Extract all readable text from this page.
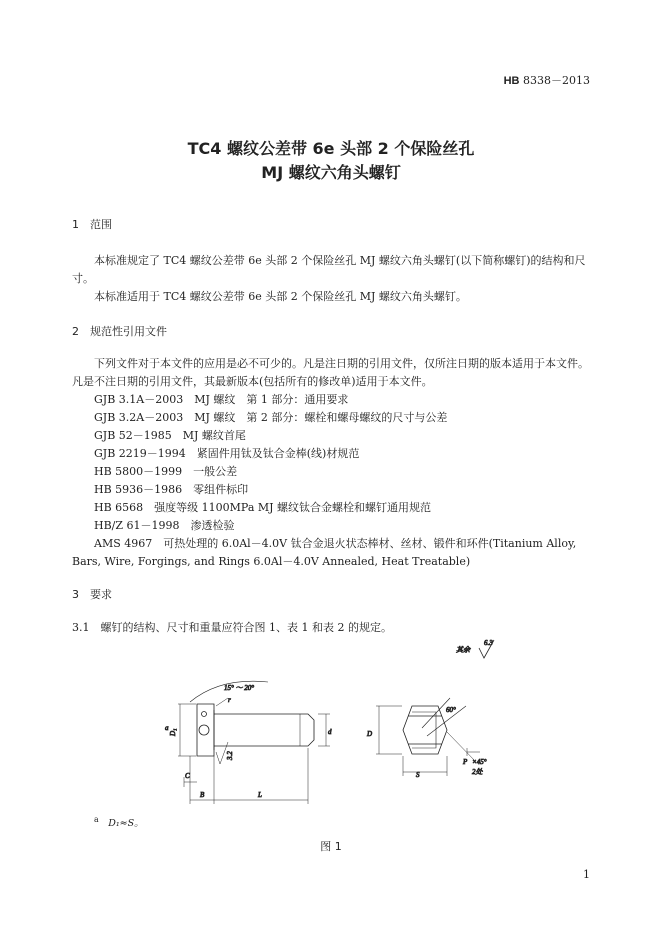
HB 8338－2013
TC4 螺纹公差带 6e 头部 2 个保险丝孔
MJ 螺纹六角头螺钉
1　 范围
本标准规定了 TC4 螺纹公差带 6e 头部 2 个保险丝孔 MJ 螺纹六角头螺钉(以下简称螺钉)的结构和尺寸。
本标准适用于 TC4 螺纹公差带 6e 头部 2 个保险丝孔 MJ 螺纹六角头螺钉。
2　 规范性引用文件
下列文件对于本文件的应用是必不可少的。凡是注日期的引用文件，仅所注日期的版本适用于本文件。凡是不注日期的引用文件，其最新版本(包括所有的修改单)适用于本文件。
GJB 3.1A－2003　MJ 螺纹　第 1 部分：通用要求
GJB 3.2A－2003　MJ 螺纹　第 2 部分：螺栓和螺母螺纹的尺寸与公差
GJB 52－1985　MJ 螺纹首尾
GJB 2219－1994　紧固件用钛及钛合金棒(线)材规范
HB 5800－1999　一般公差
HB 5936－1986　零组件标印
HB 6568　强度等级 1100MPa MJ 螺纹钛合金螺栓和螺钉通用规范
HB/Z 61－1998　渗透检验
AMS 4967　可热处理的 6.0Al－4.0V 钛合金退火状态棒材、丝材、锻件和环件(Titanium Alloy, Bars, Wire, Forgings, and Rings 6.0Al－4.0V Annealed, Heat Treatable)
3　 要求
3.1　 螺钉的结构、尺寸和重量应符合图 1、表 1 和表 2 的规定。
其余
6.3
15° ～ 20°
r
D₁
a	d
3.2
C
B	L
60°
D
S
P ×45°
2处
$^a$　 D₁≈S。
图 1
1
